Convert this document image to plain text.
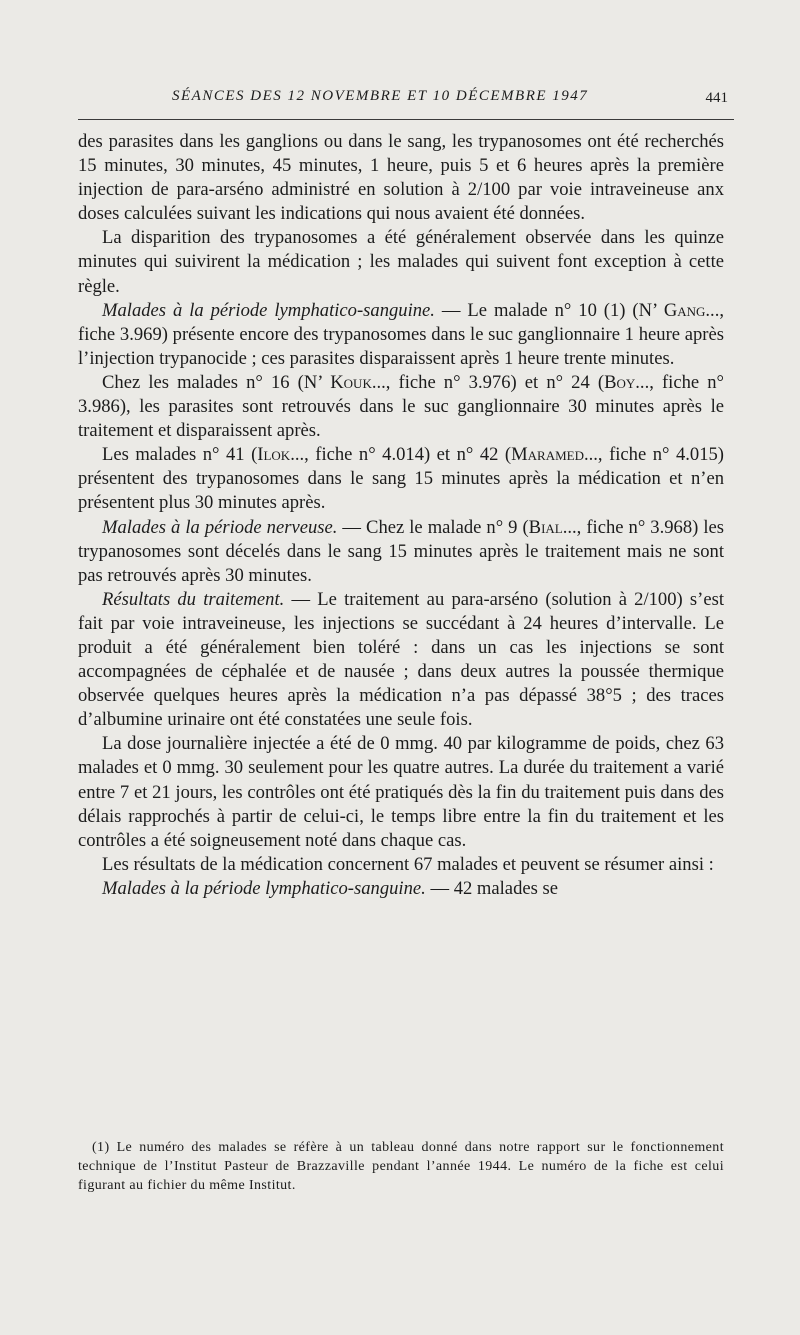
SÉANCES DES 12 NOVEMBRE ET 10 DÉCEMBRE 1947	441

des parasites dans les ganglions ou dans le sang, les trypanosomes ont été recherchés 15 minutes, 30 minutes, 45 minutes, 1 heure, puis 5 et 6 heures après la première injection de para-arséno administré en solution à 2/100 par voie intraveineuse anx doses calculées suivant les indications qui nous avaient été données.

La disparition des trypanosomes a été généralement observée dans les quinze minutes qui suivirent la médication ; les malades qui suivent font exception à cette règle.

Malades à la période lymphatico-sanguine. — Le malade n° 10 (1) (N’ Gang..., fiche 3.969) présente encore des trypanosomes dans le suc ganglionnaire 1 heure après l’injection trypanocide ; ces parasites disparaissent après 1 heure trente minutes.

Chez les malades n° 16 (N’ Kouk..., fiche n° 3.976) et n° 24 (Boy..., fiche n° 3.986), les parasites sont retrouvés dans le suc ganglionnaire 30 minutes après le traitement et disparaissent après.

Les malades n° 41 (Ilok..., fiche n° 4.014) et n° 42 (Maramed..., fiche n° 4.015) présentent des trypanosomes dans le sang 15 minutes après la médication et n’en présentent plus 30 minutes après.

Malades à la période nerveuse. — Chez le malade n° 9 (Bial..., fiche n° 3.968) les trypanosomes sont décelés dans le sang 15 minutes après le traitement mais ne sont pas retrouvés après 30 minutes.

Résultats du traitement. — Le traitement au para-arséno (solution à 2/100) s’est fait par voie intraveineuse, les injections se succédant à 24 heures d’intervalle. Le produit a été généralement bien toléré : dans un cas les injections se sont accompagnées de céphalée et de nausée ; dans deux autres la poussée thermique observée quelques heures après la médication n’a pas dépassé 38°5 ; des traces d’albumine urinaire ont été constatées une seule fois.

La dose journalière injectée a été de 0 mmg. 40 par kilogramme de poids, chez 63 malades et 0 mmg. 30 seulement pour les quatre autres. La durée du traitement a varié entre 7 et 21 jours, les contrôles ont été pratiqués dès la fin du traitement puis dans des délais rapprochés à partir de celui-ci, le temps libre entre la fin du traitement et les contrôles a été soigneusement noté dans chaque cas.

Les résultats de la médication concernent 67 malades et peuvent se résumer ainsi :

Malades à la période lymphatico-sanguine. — 42 malades se

(1) Le numéro des malades se réfère à un tableau donné dans notre rapport sur le fonctionnement technique de l’Institut Pasteur de Brazzaville pendant l’année 1944. Le numéro de la fiche est celui figurant au fichier du même Institut.
